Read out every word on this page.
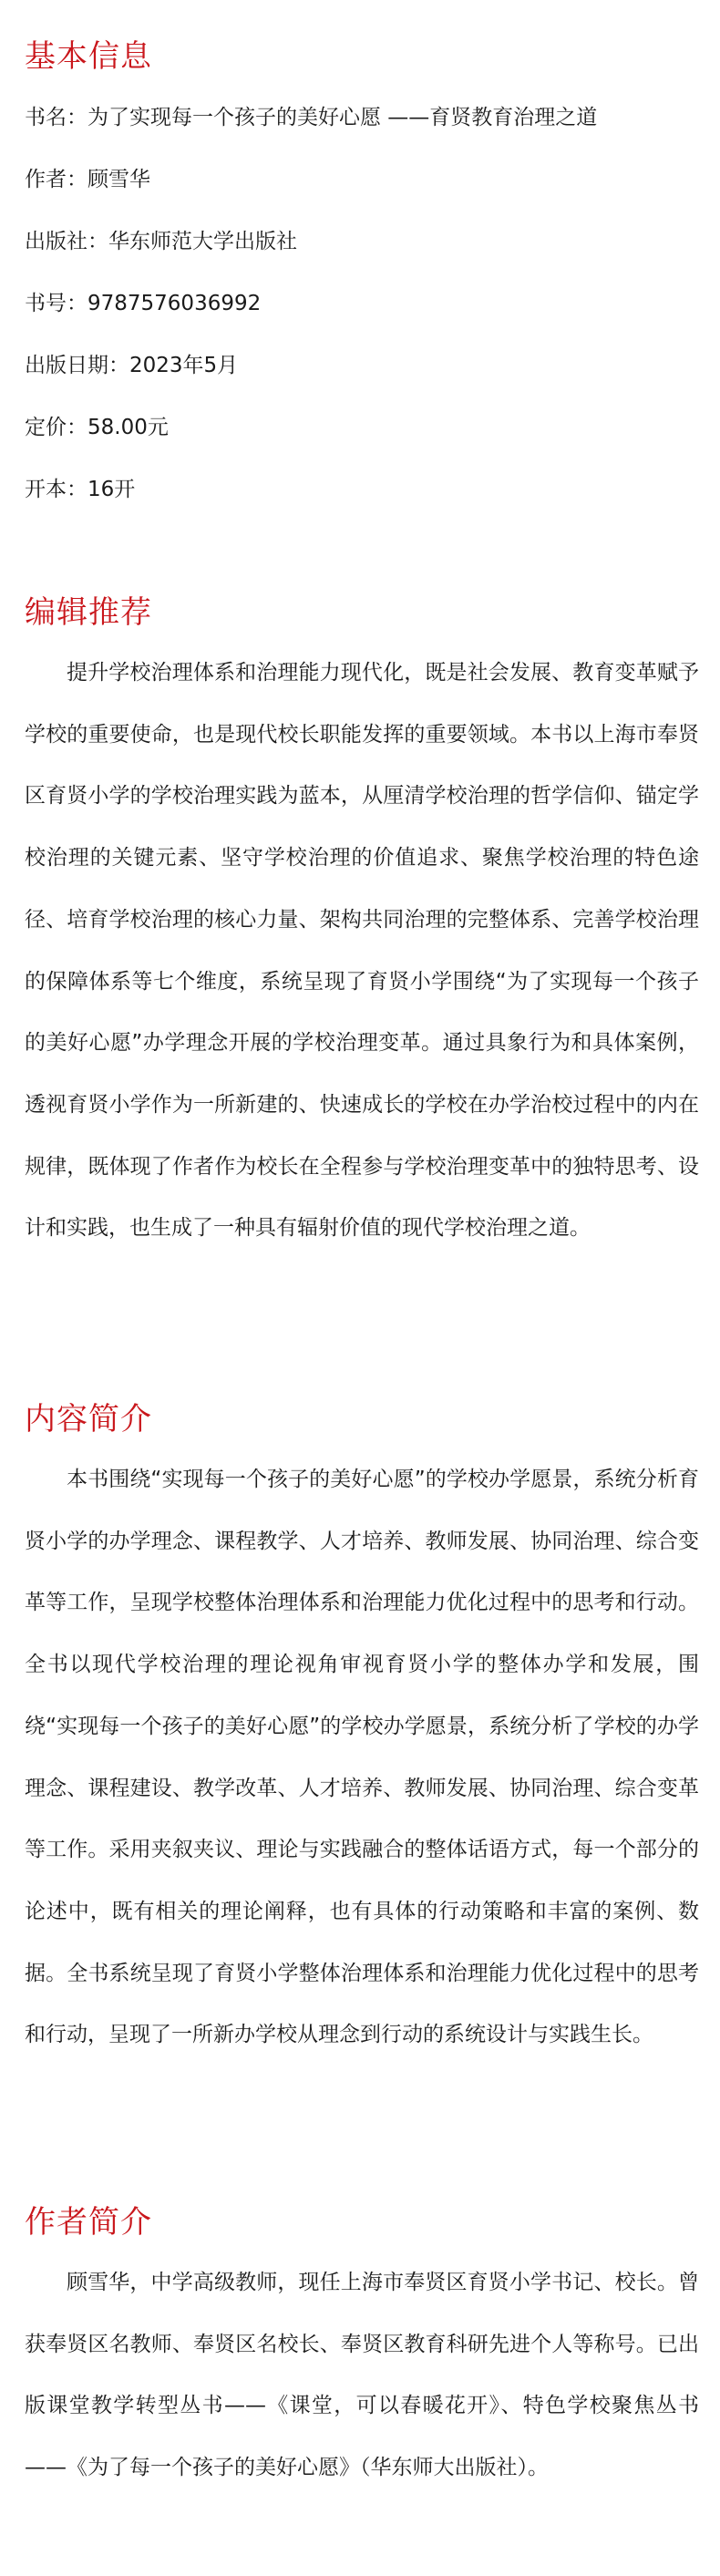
基本信息

书名：为了实现每一个孩子的美好心愿 ——育贤教育治理之道

作者：顾雪华

出版社：华东师范大学出版社

书号：9787576036992

出版日期：2023年5月

定价：58.00元

开本：16开

编辑推荐

提升学校治理体系和治理能力现代化，既是社会发展、教育变革赋予学校的重要使命，也是现代校长职能发挥的重要领域。本书以上海市奉贤区育贤小学的学校治理实践为蓝本，从厘清学校治理的哲学信仰、锚定学校治理的关键元素、坚守学校治理的价值追求、聚焦学校治理的特色途径、培育学校治理的核心力量、架构共同治理的完整体系、完善学校治理的保障体系等七个维度，系统呈现了育贤小学围绕“为了实现每一个孩子的美好心愿”办学理念开展的学校治理变革。通过具象行为和具体案例，透视育贤小学作为一所新建的、快速成长的学校在办学治校过程中的内在规律，既体现了作者作为校长在全程参与学校治理变革中的独特思考、设计和实践，也生成了一种具有辐射价值的现代学校治理之道。

内容简介

本书围绕“实现每一个孩子的美好心愿”的学校办学愿景，系统分析育贤小学的办学理念、课程教学、人才培养、教师发展、协同治理、综合变革等工作，呈现学校整体治理体系和治理能力优化过程中的思考和行动。全书以现代学校治理的理论视角审视育贤小学的整体办学和发展，围绕“实现每一个孩子的美好心愿”的学校办学愿景，系统分析了学校的办学理念、课程建设、教学改革、人才培养、教师发展、协同治理、综合变革等工作。采用夹叙夹议、理论与实践融合的整体话语方式，每一个部分的论述中，既有相关的理论阐释，也有具体的行动策略和丰富的案例、数据。全书系统呈现了育贤小学整体治理体系和治理能力优化过程中的思考和行动，呈现了一所新办学校从理念到行动的系统设计与实践生长。

作者简介

顾雪华，中学高级教师，现任上海市奉贤区育贤小学书记、校长。曾获奉贤区名教师、奉贤区名校长、奉贤区教育科研先进个人等称号。已出版课堂教学转型丛书——《课堂，可以春暖花开》、特色学校聚焦丛书——《为了每一个孩子的美好心愿》（华东师大出版社）。
